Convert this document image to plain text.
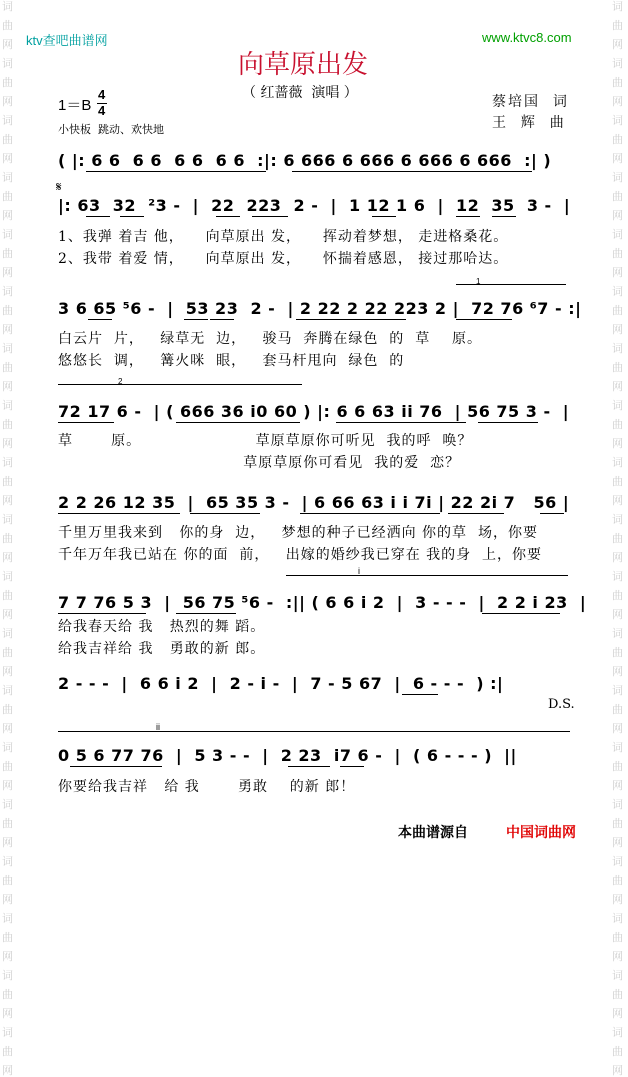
词
曲
网
词
曲
网
词
曲
网
词
曲
网
词
曲
网
词
曲
网
词
曲
网
词
曲
网
词
曲
网
词
曲
网
词
曲
网
词
曲
网
词
曲
网
词
曲
网
词
曲
网
词
曲
网
词
曲
网
词
曲
网
词
曲
网
词
曲
网
词
曲
网
词
曲
网
词
曲
网
词
曲
网
词
曲
网
词
曲
网
词
曲
网
词
曲
网
词
曲
网
词
曲
网
词
曲
网
词
曲
网
词
曲
网
词
曲
网
词
曲
网
词
曲
网
词
曲
网
词
曲
网
ktv查吧曲谱网	www.ktvc8.com
向草原出发
（ 红蔷薇  演唱 ）
1＝B
4
4
小快板  跳动、欢快地
蔡培国  词
王  辉  曲
( |: 6 6  6 6  6 6  6 6  :|: 6 666 6 666 6 666 6 666  :| )
𝄋
|: 63  32  ²3 -  |  22  223  2 -  |  1 12 1 6  |  12  35  3 -  |
1、我弹 着吉 他，    向草原出 发，    挥动着梦想， 走进格桑花。
2、我带 着爱 情，    向草原出 发，    怀揣着感恩， 接过那哈达。
1
3 6 65 ⁵6 -  |  53 23  2 -  | 2 22 2 22 223 2 |  72 76 ⁶7 - :|
白云片  片，   绿草无  边，   骏马  奔腾在绿色  的  草    原。
悠悠长  调，   篝火咪  眼，   套马杆甩向  绿色  的
2
72 17 6 -  | ( 666 36 i0 60 ) |: 6 6 63 ii 76  | 56 75 3 -  |
草       原。                     草原草原你可听见  我的呼  唤？
草原草原你可看见  我的爱  恋？
2 2 26 12 35  |  65 35 3 -  | 6 66 63 i i 7i | 22 2i 7   56 |
千里万里我来到   你的身  边，   梦想的种子已经洒向 你的草  场，你要
千年万年我已站在 你的面  前，   出嫁的婚纱我已穿在 我的身  上，你要
i
7 7 76 5 3  |  56 75 ⁵6 -  :|| ( 6 6 i 2  |  3 - - -  |  2 2 i 23  |
给我春天给 我   热烈的舞 蹈。
给我吉祥给 我   勇敢的新 郎。
2 - - -  |  6 6 i 2  |  2 - i -  |  7 - 5 67  |  6 - - -  ) :|
D.S.
ii
0 5 6 77 76  |  5 3 - -  |  2 23  i7 6 -  |  ( 6 - - - )  ||
你要给我吉祥   给 我       勇敢    的新 郎！
本曲谱源自	中国词曲网
